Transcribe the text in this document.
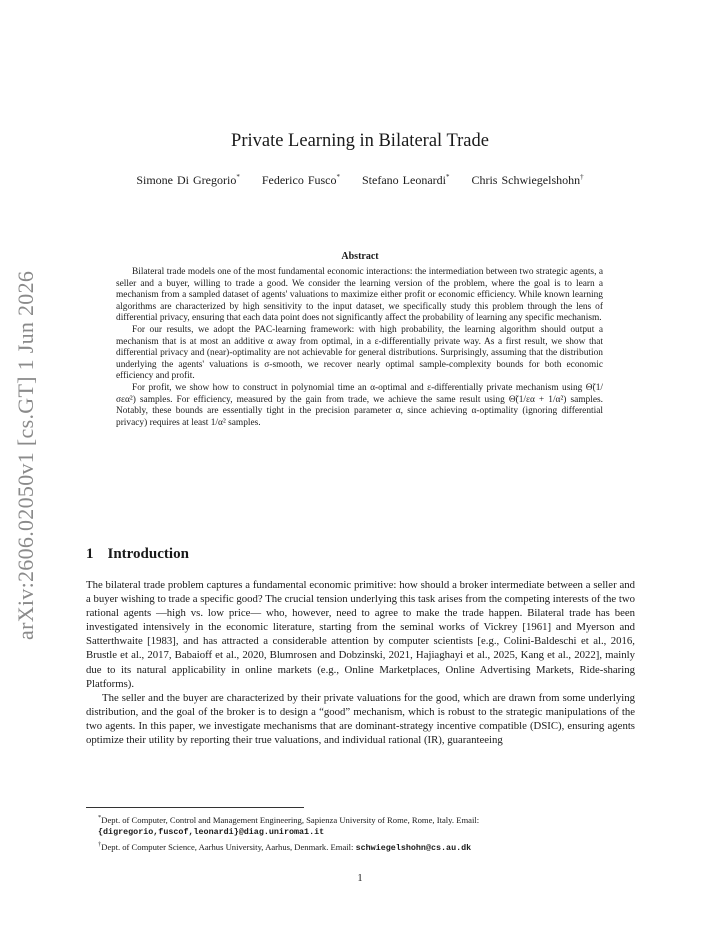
arXiv:2606.02050v1 [cs.GT] 1 Jun 2026
Private Learning in Bilateral Trade
Simone Di Gregorio* Federico Fusco* Stefano Leonardi* Chris Schwiegelshohn†
Abstract

Bilateral trade models one of the most fundamental economic interactions: the intermediation between two strategic agents, a seller and a buyer, willing to trade a good. We consider the learning version of the problem, where the goal is to learn a mechanism from a sampled dataset of agents' valuations to maximize either profit or economic efficiency. While known learning algorithms are characterized by high sensitivity to the input dataset, we specifically study this problem through the lens of differential privacy, ensuring that each data point does not significantly affect the probability of learning any specific mechanism.

For our results, we adopt the PAC-learning framework: with high probability, the learning algorithm should output a mechanism that is at most an additive α away from optimal, in a ε-differentially private way. As a first result, we show that differential privacy and (near)-optimality are not achievable for general distributions. Surprisingly, assuming that the distribution underlying the agents' valuations is σ-smooth, we recover nearly optimal sample-complexity bounds for both economic efficiency and profit.

For profit, we show how to construct in polynomial time an α-optimal and ε-differentially private mechanism using Θ̃(1/σεα²) samples. For efficiency, measured by the gain from trade, we achieve the same result using Θ̃(1/εα + 1/α²) samples. Notably, these bounds are essentially tight in the precision parameter α, since achieving α-optimality (ignoring differential privacy) requires at least 1/α² samples.

1 Introduction

The bilateral trade problem captures a fundamental economic primitive: how should a broker intermediate between a seller and a buyer wishing to trade a specific good? The crucial tension underlying this task arises from the competing interests of the two rational agents —high vs. low price— who, however, need to agree to make the trade happen. Bilateral trade has been investigated intensively in the economic literature, starting from the seminal works of Vickrey [1961] and Myerson and Satterthwaite [1983], and has attracted a considerable attention by computer scientists [e.g., Colini-Baldeschi et al., 2016, Brustle et al., 2017, Babaioff et al., 2020, Blumrosen and Dobzinski, 2021, Hajiaghayi et al., 2025, Kang et al., 2022], mainly due to its natural applicability in online markets (e.g., Online Marketplaces, Online Advertising Markets, Ride-sharing Platforms).

The seller and the buyer are characterized by their private valuations for the good, which are drawn from some underlying distribution, and the goal of the broker is to design a “good” mechanism, which is robust to the strategic manipulations of the two agents. In this paper, we investigate mechanisms that are dominant-strategy incentive compatible (DSIC), ensuring agents optimize their utility by reporting their true valuations, and individual rational (IR), guaranteeing

*Dept. of Computer, Control and Management Engineering, Sapienza University of Rome, Rome, Italy. Email:
{digregorio,fuscof,leonardi}@diag.uniroma1.it

†Dept. of Computer Science, Aarhus University, Aarhus, Denmark. Email: schwiegelshohn@cs.au.dk

1
